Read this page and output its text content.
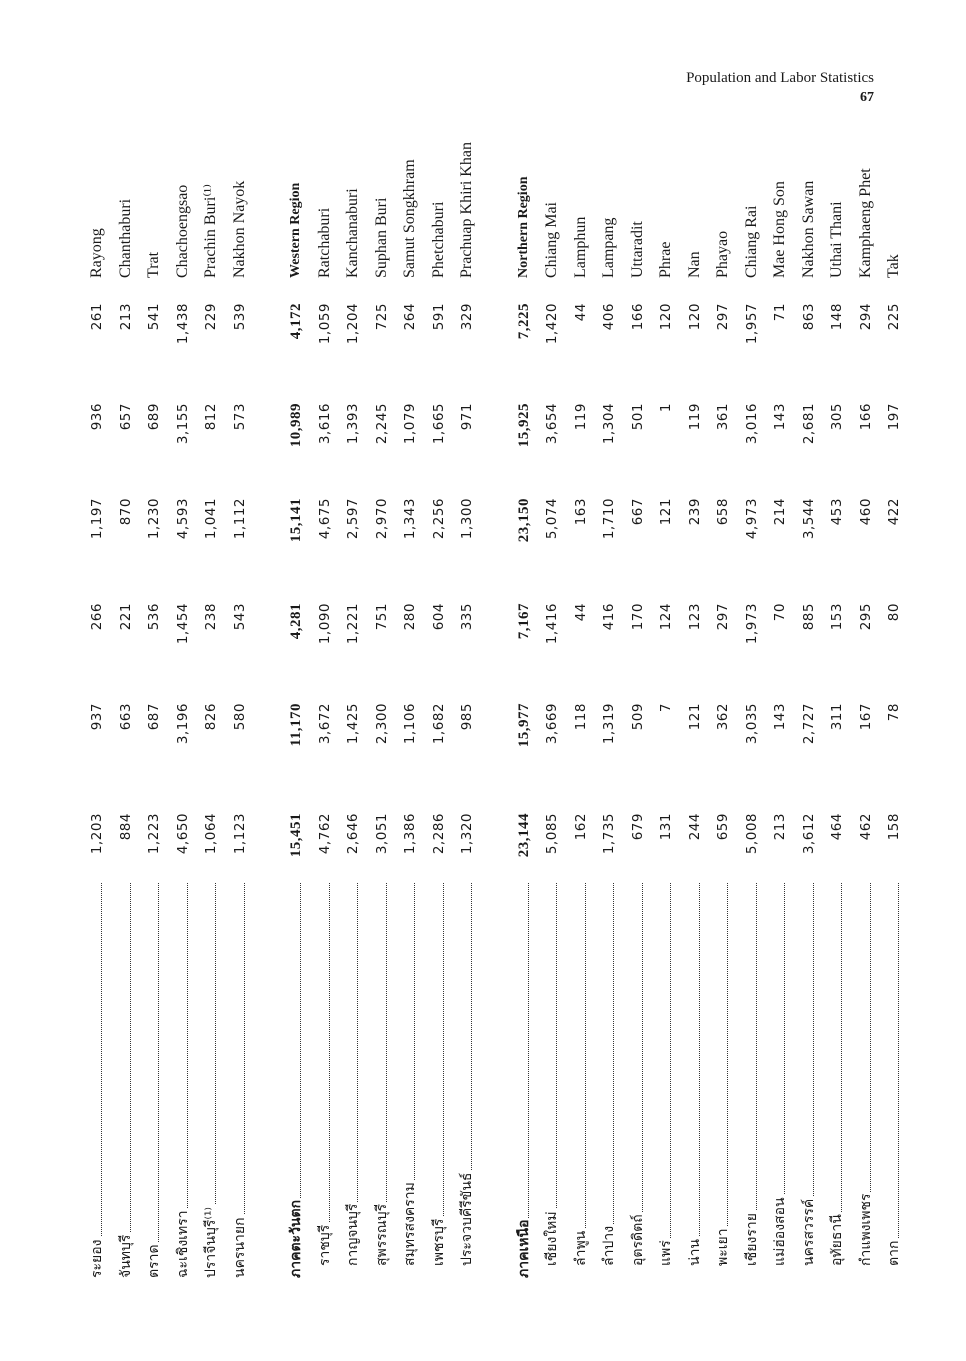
Population and Labor Statistics
67
ระยอง
1,203
937
266
1,197
936
261
Rayong
จันทบุรี
884
663
221
870
657
213
Chanthaburi
ตราด
1,223
687
536
1,230
689
541
Trat
ฉะเชิงเทรา
4,650
3,196
1,454
4,593
3,155
1,438
Chachoengsao
ปราจีนบุรี⁽¹⁾
1,064
826
238
1,041
812
229
Prachin Buri⁽¹⁾
นครนายก
1,123
580
543
1,112
573
539
Nakhon Nayok
ภาคตะวันตก
15,451
11,170
4,281
15,141
10,989
4,172
Western Region
ราชบุรี
4,762
3,672
1,090
4,675
3,616
1,059
Ratchaburi
กาญจนบุรี
2,646
1,425
1,221
2,597
1,393
1,204
Kanchanaburi
สุพรรณบุรี
3,051
2,300
751
2,970
2,245
725
Suphan Buri
สมุทรสงคราม
1,386
1,106
280
1,343
1,079
264
Samut Songkhram
เพชรบุรี
2,286
1,682
604
2,256
1,665
591
Phetchaburi
ประจวบคีรีขันธ์
1,320
985
335
1,300
971
329
Prachuap Khiri Khan
ภาคเหนือ
23,144
15,977
7,167
23,150
15,925
7,225
Northern Region
เชียงใหม่
5,085
3,669
1,416
5,074
3,654
1,420
Chiang Mai
ลำพูน
162
118
44
163
119
44
Lamphun
ลำปาง
1,735
1,319
416
1,710
1,304
406
Lampang
อุตรดิตถ์
679
509
170
667
501
166
Uttaradit
แพร่
131
7
124
121
1
120
Phrae
น่าน
244
121
123
239
119
120
Nan
พะเยา
659
362
297
658
361
297
Phayao
เชียงราย
5,008
3,035
1,973
4,973
3,016
1,957
Chiang Rai
แม่ฮ่องสอน
213
143
70
214
143
71
Mae Hong Son
นครสวรรค์
3,612
2,727
885
3,544
2,681
863
Nakhon Sawan
อุทัยธานี
464
311
153
453
305
148
Uthai Thani
กำแพงเพชร
462
167
295
460
166
294
Kamphaeng Phet
ตาก
158
78
80
422
197
225
Tak
